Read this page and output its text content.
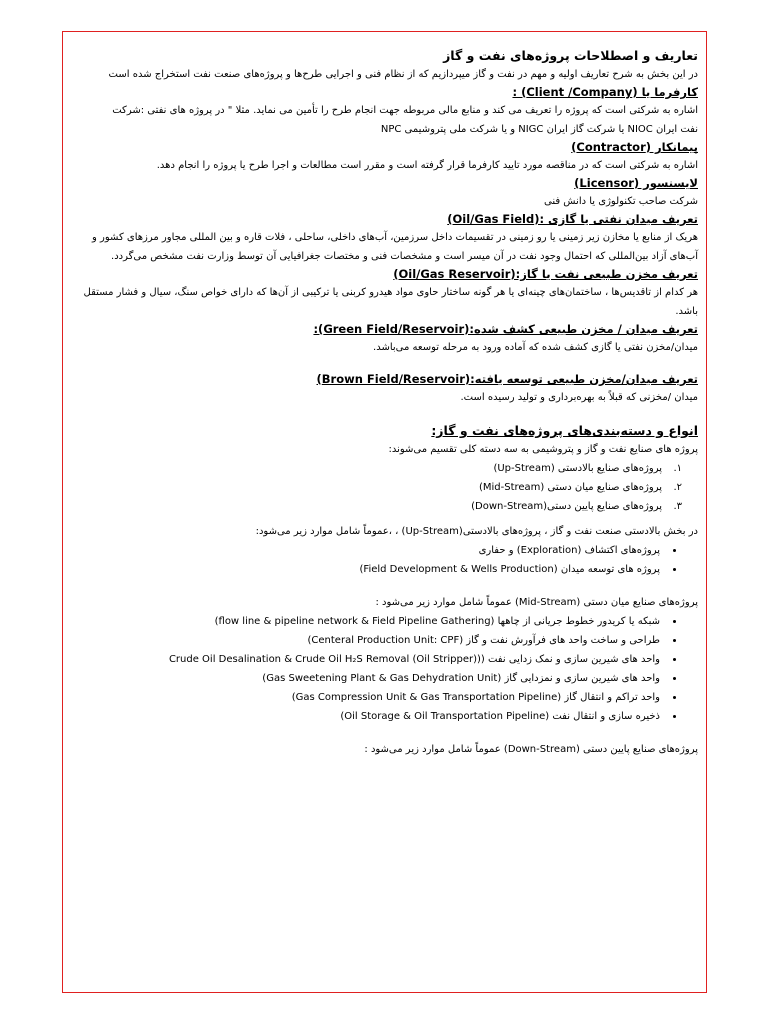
تعاریف و اصطلاحات پروژه‌های نفت و گاز

در این بخش به شرح تعاریف اولیه و مهم در نفت و گاز میپردازیم که از نظام فنی و اجرایی طرح‌ها و پروژه‌های صنعت نفت استخراج شده است

کارفرما یا (Client /Company) :

اشاره به شرکتی است که پروژه را تعریف می کند و منابع مالی مربوطه جهت انجام طرح را تأمین می نماید. مثلا " در پروژه های نفتی :شرکت

نفت ایران NIOC یا شرکت گاز ایران NIGC و یا شرکت ملی پتروشیمی NPC

پیمانکار (Contractor)

اشاره به شرکتی است که در مناقصه مورد تایید کارفرما قرار گرفته است و مقرر است مطالعات و اجرا طرح یا پروژه را انجام دهد.

لایسنسور (Licensor)

شرکت صاحب تکنولوژی یا دانش فنی

تعریف میدان نفتی یا گازی :(Oil/Gas Field)

هریک از منابع یا مخازن زیر زمینی یا رو زمینی در تقسیمات داخل سرزمین، آب‌های داخلی، ساحلی ، فلات قاره و بین المللی مجاور مرزهای کشور و آب‌های آزاد بین‌المللی که احتمال وجود نفت در آن میسر است و مشخصات فنی و مختصات جغرافیایی آن توسط وزارت نفت مشخص می‌گردد.

تعریف مخزن طبیعی نفت یا گاز:(Oil/Gas Reservoir)

هر کدام از تاقدیس‌ها ، ساختمان‌های چینه‌ای یا هر گونه ساختار حاوی مواد هیدرو کربنی یا ترکیبی از آن‌ها که دارای خواص سنگ، سیال و فشار مستقل باشد.

تعریف میدان / مخزن طبیعی کشف شده:(Green Field/Reservoir):

میدان/مخزن نفتی یا گازی کشف شده که آماده ورود به مرحله توسعه می‌باشد.

تعریف میدان/مخزن طبیعی توسعه یافته:(Brown Field/Reservoir)

میدان /مخزنی که قبلاً به بهره‌برداری و تولید رسیده است.

انواع و دسته‌بندی‌های پروژه‌های نفت و گاز:

پروژه های صنایع نفت و گاز و پتروشیمی به سه دسته کلی تقسیم می‌شوند:

۱.
پروژه‌های صنایع بالادستی (Up-Stream)
۲.
پروژه‌های صنایع میان دستی (Mid-Stream)
۳.
پروژه‌های صنایع پایین دستی(Down-Stream)

در بخش بالادستی صنعت نفت و گاز ، پروژه‌های بالادستی(Up-Stream) ، ،عموماً شامل موارد زیر می‌شود:

• پروژه‌های اکتشاف (Exploration) و حفاری
• پروژه های توسعه میدان (Field Development & Wells Production)

پروژه‌های صنایع میان دستی (Mid-Stream) عموماً شامل موارد زیر می‌شود :

• شبکه یا کریدور خطوط جریانی از چاهها (flow line & pipeline network & Field Pipeline Gathering)
• طراحی و ساخت واحد های فرآورش نفت و گاز (Centeral Production Unit: CPF)
• واحد های شیرین سازی و نمک زدایی نفت ((Crude Oil Desalination & Crude Oil H₂S Removal (Oil Stripper)
• واحد های شیرین سازی و نمزدایی گاز (Gas Sweetening Plant & Gas Dehydration Unit)
• واحد تراکم و انتقال گاز (Gas Compression Unit & Gas Transportation Pipeline)
• ذخیره سازی و انتقال نفت (Oil Storage & Oil Transportation Pipeline)

پروژه‌های صنایع پایین دستی (Down-Stream) عموماً شامل موارد زیر می‌شود :
